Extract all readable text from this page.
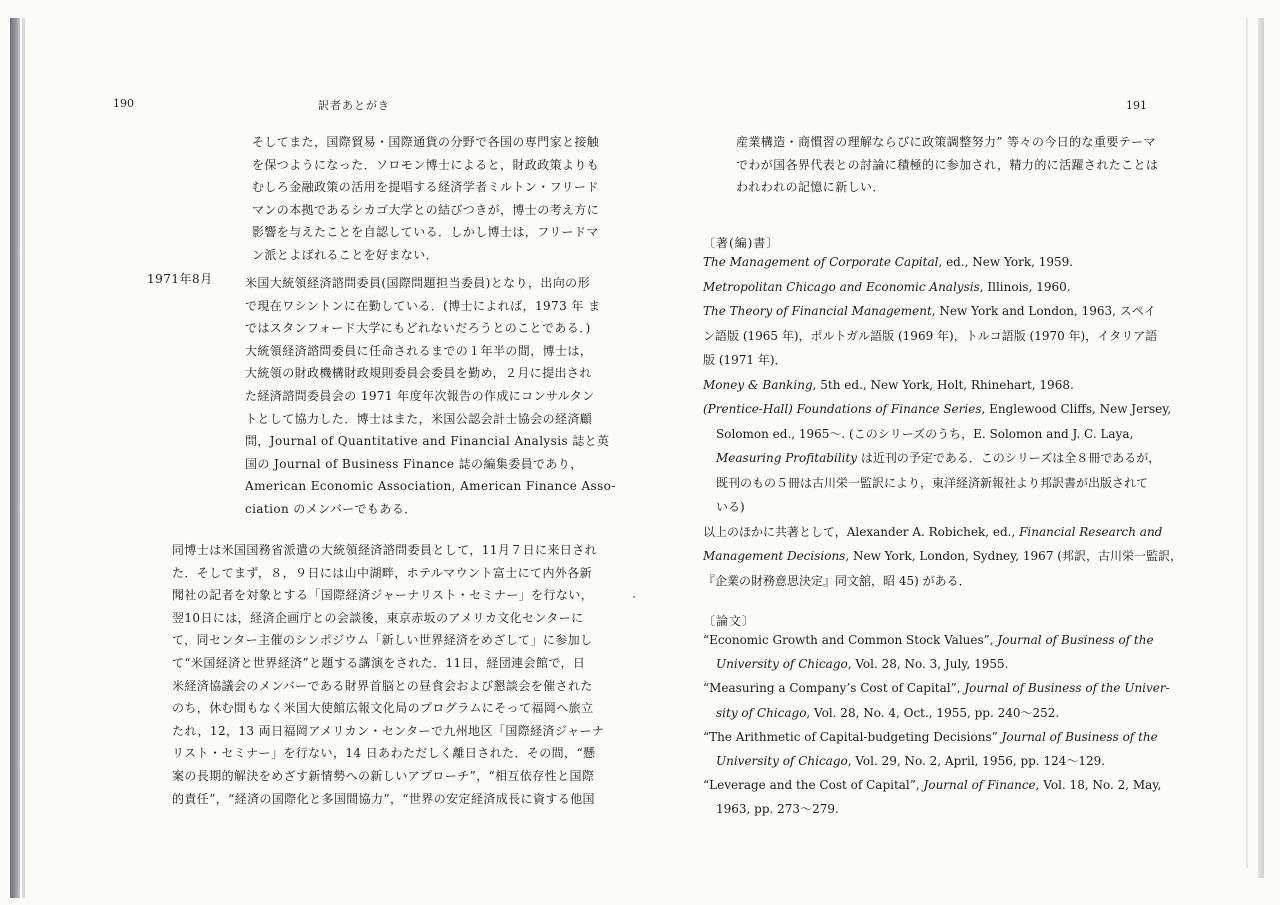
190	訳者あとがき	191
そしてまた，国際貿易・国際通貨の分野で各国の専門家と接触
を保つようになった．ソロモン博士によると，財政政策よりも
むしろ金融政策の活用を提唱する経済学者ミルトン・フリード
マンの本拠であるシカゴ大学との結びつきが，博士の考え方に
影響を与えたことを自認している．しかし博士は，フリードマ
ン派とよばれることを好まない．
1971年8月	米国大統領経済諮問委員(国際問題担当委員)となり，出向の形
で現在ワシントンに在勤している．(博士によれば，1973 年 ま
ではスタンフォード大学にもどれないだろうとのことである．)
大統領経済諮問委員に任命されるまでの１年半の間，博士は，
大統領の財政機構財政規則委員会委員を勤め，２月に提出され
た経済諮問委員会の 1971 年度年次報告の作成にコンサルタン
トとして協力した．博士はまた，米国公認会計士協会の経済顧
問，Journal of Quantitative and Financial Analysis 誌と英
国の Journal of Business Finance 誌の編集委員であり，
American Economic Association, American Finance Asso-
ciation のメンバーでもある．
同博士は米国国務省派遣の大統領経済諮問委員として，11月７日に来日され
た．そしてまず，８，９日には山中湖畔，ホテルマウント富士にて内外各新
聞社の記者を対象とする「国際経済ジャーナリスト・セミナー」を行ない，
翌10日には，経済企画庁との会談後，東京赤坂のアメリカ文化センターに
て，同センター主催のシンポジウム「新しい世界経済をめざして」に参加し
て“米国経済と世界経済”と題する講演をされた．11日，経団連会館で，日
米経済協議会のメンバーである財界首脳との昼食会および懇談会を催された
のち，休む間もなく米国大使館広報文化局のプログラムにそって福岡へ旅立
たれ，12，13 両日福岡アメリカン・センターで九州地区「国際経済ジャーナ
リスト・セミナー」を行ない，14 日あわただしく離日された．その間，“懸
案の長期的解決をめざす新情勢への新しいアプローチ”，“相互依存性と国際
的責任”，“経済の国際化と多国間協力”，“世界の安定経済成長に資する他国
産業構造・商慣習の理解ならびに政策調整努力” 等々の今日的な重要テーマ
でわが国各界代表との討論に積極的に参加され，精力的に活躍されたことは
われわれの記憶に新しい．
〔著(編)書〕
The Management of Corporate Capital, ed., New York, 1959.
Metropolitan Chicago and Economic Analysis, Illinois, 1960.
The Theory of Financial Management, New York and London, 1963, スペイ
ン語版 (1965 年)，ポルトガル語版 (1969 年)，トルコ語版 (1970 年)，イタリア語
版 (1971 年)．
Money & Banking, 5th ed., New York, Holt, Rhinehart, 1968.
(Prentice-Hall) Foundations of Finance Series, Englewood Cliffs, New Jersey,
Solomon ed., 1965〜. (このシリーズのうち，E. Solomon and J. C. Laya,
Measuring Profitability は近刊の予定である．このシリーズは全８冊であるが，
既刊のもの５冊は古川栄一監訳により，東洋経済新報社より邦訳書が出版されて
いる)
以上のほかに共著として，Alexander A. Robichek, ed., Financial Research and
Management Decisions, New York, London, Sydney, 1967 (邦訳，古川栄一監訳，
『企業の財務意思決定』同文舘，昭 45) がある．
〔論文〕
“Economic Growth and Common Stock Values”, Journal of Business of the
University of Chicago, Vol. 28, No. 3, July, 1955.
“Measuring a Company’s Cost of Capital”, Journal of Business of the Univer-
sity of Chicago, Vol. 28, No. 4, Oct., 1955, pp. 240〜252.
“The Arithmetic of Capital-budgeting Decisions” Journal of Business of the
University of Chicago, Vol. 29, No. 2, April, 1956, pp. 124〜129.
“Leverage and the Cost of Capital”, Journal of Finance, Vol. 18, No. 2, May,
1963, pp. 273〜279.
